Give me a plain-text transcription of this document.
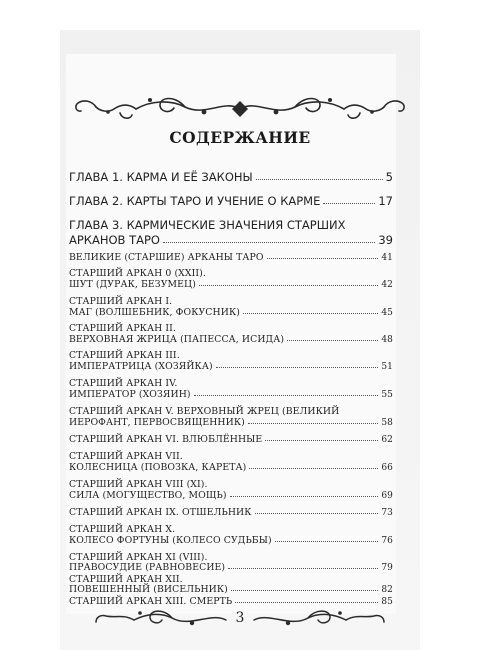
СОДЕРЖАНИЕ
ГЛАВА 1. КАРМА И ЕЁ ЗАКОНЫ	5
ГЛАВА 2. КАРТЫ ТАРО И УЧЕНИЕ О КАРМЕ	17
ГЛАВА 3. КАРМИЧЕСКИЕ ЗНАЧЕНИЯ СТАРШИХ
АРКАНОВ ТАРО	39
ВЕЛИКИЕ (СТАРШИЕ) АРКАНЫ ТАРО	41
СТАРШИЙ АРКАН 0 (XXII).
ШУТ (ДУРАК, БЕЗУМЕЦ)	42
СТАРШИЙ АРКАН I.
МАГ (ВОЛШЕБНИК, ФОКУСНИК)	45
СТАРШИЙ АРКАН II.
ВЕРХОВНАЯ ЖРИЦА (ПАПЕССА, ИСИДА)	48
СТАРШИЙ АРКАН III.
ИМПЕРАТРИЦА (ХОЗЯЙКА)	51
СТАРШИЙ АРКАН IV.
ИМПЕРАТОР (ХОЗЯИН)	55
СТАРШИЙ АРКАН V. ВЕРХОВНЫЙ ЖРЕЦ (ВЕЛИКИЙ
ИЕРОФАНТ, ПЕРВОСВЯЩЕННИК)	58
СТАРШИЙ АРКАН VI. ВЛЮБЛЁННЫЕ	62
СТАРШИЙ АРКАН VII.
КОЛЕСНИЦА (ПОВОЗКА, КАРЕТА)	66
СТАРШИЙ АРКАН VIII (XI).
СИЛА (МОГУЩЕСТВО, МОЩЬ)	69
СТАРШИЙ АРКАН IX. ОТШЕЛЬНИК	73
СТАРШИЙ АРКАН X.
КОЛЕСО ФОРТУНЫ (КОЛЕСО СУДЬБЫ)	76
СТАРШИЙ АРКАН XI (VIII).
ПРАВОСУДИЕ (РАВНОВЕСИЕ)	79
СТАРШИЙ АРКАН XII.
ПОВЕШЕННЫЙ (ВИСЕЛЬНИК)	82
СТАРШИЙ АРКАН XIII. СМЕРТЬ	85
3
